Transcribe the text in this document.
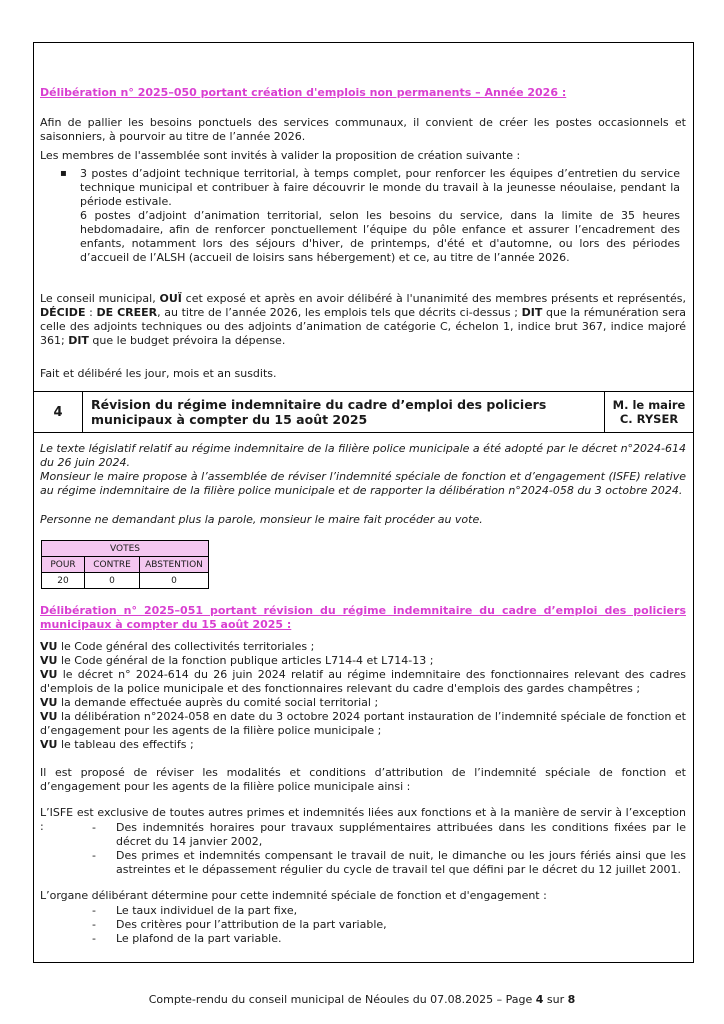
Délibération n° 2025–050 portant création d'emplois non permanents – Année 2026 :

Afin de pallier les besoins ponctuels des services communaux, il convient de créer les postes occasionnels et saisonniers, à pourvoir au titre de l’année 2026.

Les membres de l'assemblée sont invités à valider la proposition de création suivante :

▪ 3 postes d’adjoint technique territorial, à temps complet, pour renforcer les équipes d’entretien du service technique municipal et contribuer à faire découvrir le monde du travail à la jeunesse néoulaise, pendant la période estivale.
6 postes d’adjoint d’animation territorial, selon les besoins du service, dans la limite de 35 heures hebdomadaire, afin de renforcer ponctuellement l’équipe du pôle enfance et assurer l’encadrement des enfants, notamment lors des séjours d'hiver, de printemps, d'été et d'automne, ou lors des périodes d’accueil de l’ALSH (accueil de loisirs sans hébergement) et ce, au titre de l’année 2026.

Le conseil municipal, OUÏ cet exposé et après en avoir délibéré à l'unanimité des membres présents et représentés, DÉCIDE : DE CREER, au titre de l’année 2026, les emplois tels que décrits ci-dessus ; DIT que la rémunération sera celle des adjoints techniques ou des adjoints d’animation de catégorie C, échelon 1, indice brut 367, indice majoré 361; DIT que le budget prévoira la dépense.

Fait et délibéré les jour, mois et an susdits.

4	Révision du régime indemnitaire du cadre d’emploi des policiers municipaux à compter du 15 août 2025
M. le maire
C. RYSER

Le texte législatif relatif au régime indemnitaire de la filière police municipale a été adopté par le décret n°2024-614 du 26 juin 2024.

Monsieur le maire propose à l’assemblée de réviser l’indemnité spéciale de fonction et d’engagement (ISFE) relative au régime indemnitaire de la filière police municipale et de rapporter la délibération n°2024-058 du 3 octobre 2024.

Personne ne demandant plus la parole, monsieur le maire fait procéder au vote.

VOTES		
POUR	CONTRE	ABSTENTION
20	0	0

Délibération n° 2025–051 portant révision du régime indemnitaire du cadre d’emploi des policiers municipaux à compter du 15 août 2025 :

VU le Code général des collectivités territoriales ;

VU le Code général de la fonction publique articles L714-4 et L714-13 ;

VU le décret n° 2024-614 du 26 juin 2024 relatif au régime indemnitaire des fonctionnaires relevant des cadres d'emplois de la police municipale et des fonctionnaires relevant du cadre d'emplois des gardes champêtres ;

VU la demande effectuée auprès du comité social territorial ;

VU la délibération n°2024-058 en date du 3 octobre 2024 portant instauration de l’indemnité spéciale de fonction et d’engagement pour les agents de la filière police municipale ;

VU le tableau des effectifs ;

Il est proposé de réviser les modalités et conditions d’attribution de l’indemnité spéciale de fonction et d’engagement pour les agents de la filière police municipale ainsi :

L’ISFE est exclusive de toutes autres primes et indemnités liées aux fonctions et à la manière de servir à l’exception :	- Des indemnités horaires pour travaux supplémentaires attribuées dans les conditions fixées par le décret du 14 janvier 2002,

- Des primes et indemnités compensant le travail de nuit, le dimanche ou les jours fériés ainsi que les astreintes et le dépassement régulier du cycle de travail tel que défini par le décret du 12 juillet 2001.

L’organe délibérant détermine pour cette indemnité spéciale de fonction et d'engagement :

- Le taux individuel de la part fixe,

- Des critères pour l’attribution de la part variable,

- Le plafond de la part variable.

Compte-rendu du conseil municipal de Néoules du 07.08.2025 – Page 4 sur 8
